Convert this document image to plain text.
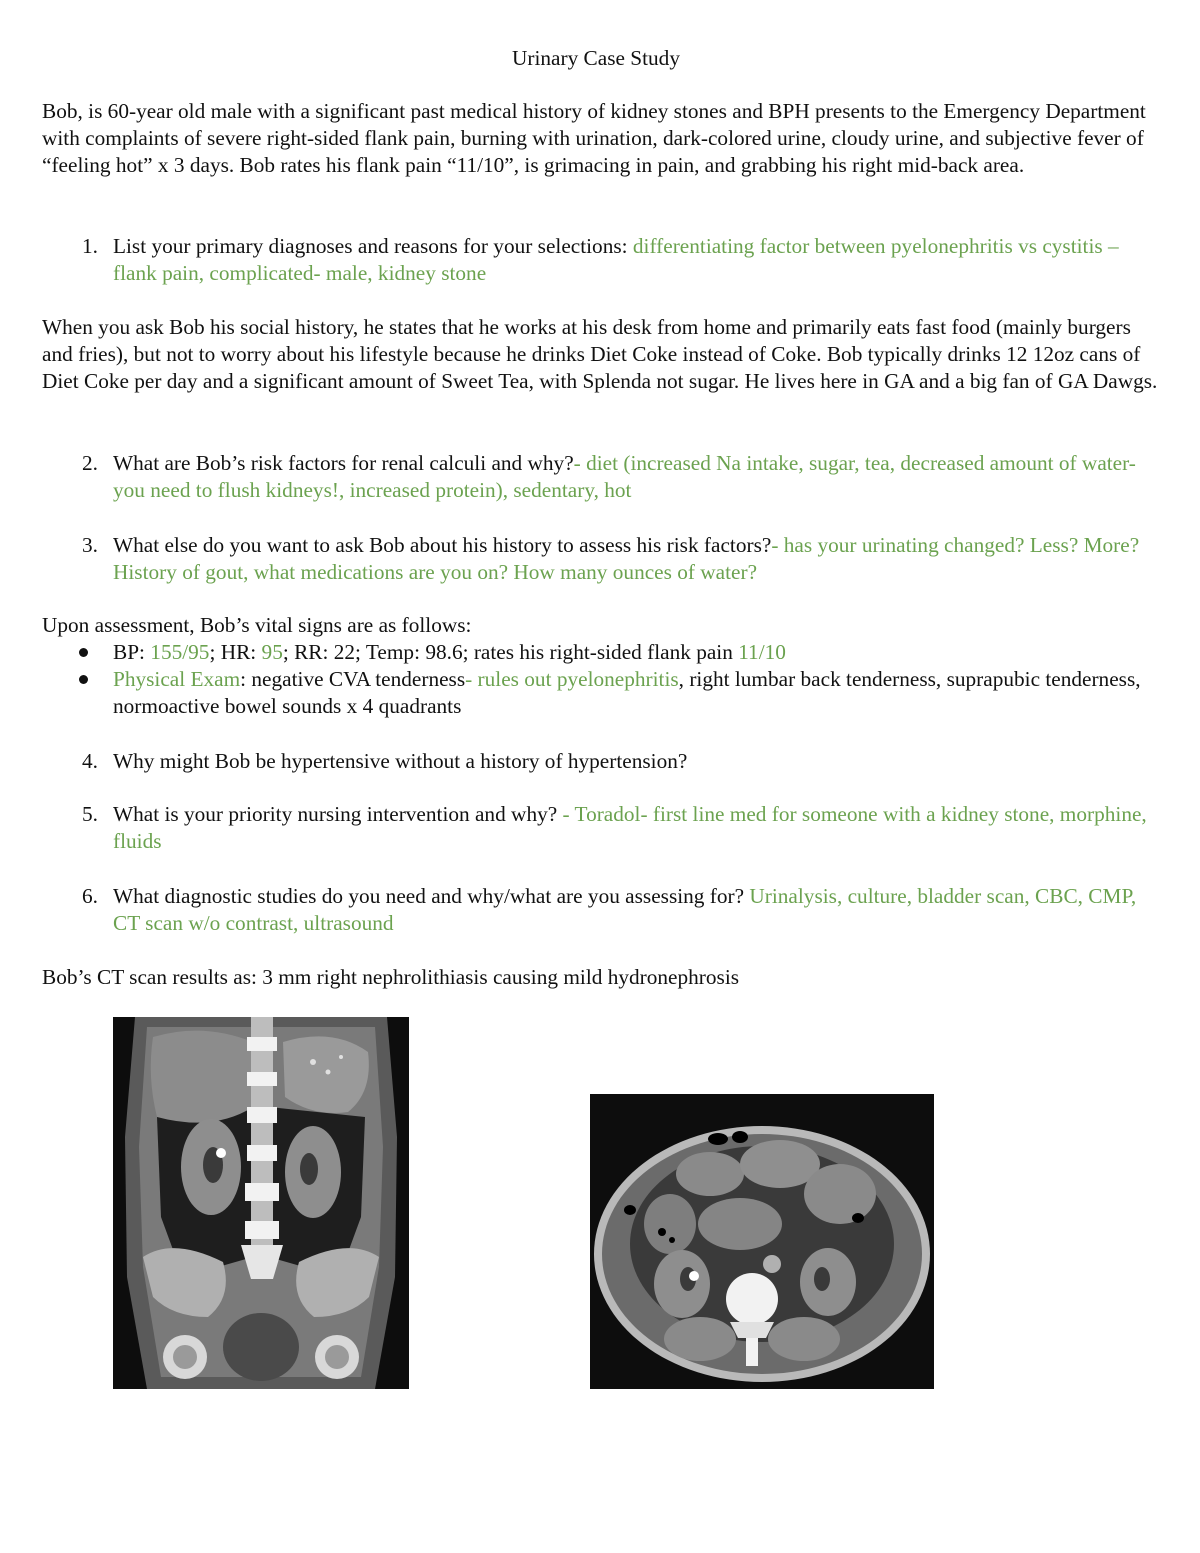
Urinary Case Study
Bob, is 60-year old male with a significant past medical history of kidney stones and BPH presents to the Emergency Department with complaints of severe right-sided flank pain, burning with urination, dark-colored urine, cloudy urine, and subjective fever of “feeling hot” x 3 days. Bob rates his flank pain “11/10”, is grimacing in pain, and grabbing his right mid-back area.
1. List your primary diagnoses and reasons for your selections: differentiating factor between pyelonephritis vs cystitis – flank pain, complicated- male, kidney stone
When you ask Bob his social history, he states that he works at his desk from home and primarily eats fast food (mainly burgers and fries), but not to worry about his lifestyle because he drinks Diet Coke instead of Coke. Bob typically drinks 12 12oz cans of Diet Coke per day and a significant amount of Sweet Tea, with Splenda not sugar. He lives here in GA and a big fan of GA Dawgs.
2. What are Bob’s risk factors for renal calculi and why?- diet (increased Na intake, sugar, tea, decreased amount of water- you need to flush kidneys!, increased protein), sedentary, hot
3. What else do you want to ask Bob about his history to assess his risk factors?- has your urinating changed? Less? More? History of gout, what medications are you on? How many ounces of water?
Upon assessment, Bob’s vital signs are as follows:
BP: 155/95; HR: 95; RR: 22; Temp: 98.6; rates his right-sided flank pain 11/10
Physical Exam: negative CVA tenderness- rules out pyelonephritis, right lumbar back tenderness, suprapubic tenderness, normoactive bowel sounds x 4 quadrants
4. Why might Bob be hypertensive without a history of hypertension?
5. What is your priority nursing intervention and why? - Toradol- first line med for someone with a kidney stone, morphine, fluids
6. What diagnostic studies do you need and why/what are you assessing for? Urinalysis, culture, bladder scan, CBC, CMP, CT scan w/o contrast, ultrasound
Bob’s CT scan results as: 3 mm right nephrolithiasis causing mild hydronephrosis
